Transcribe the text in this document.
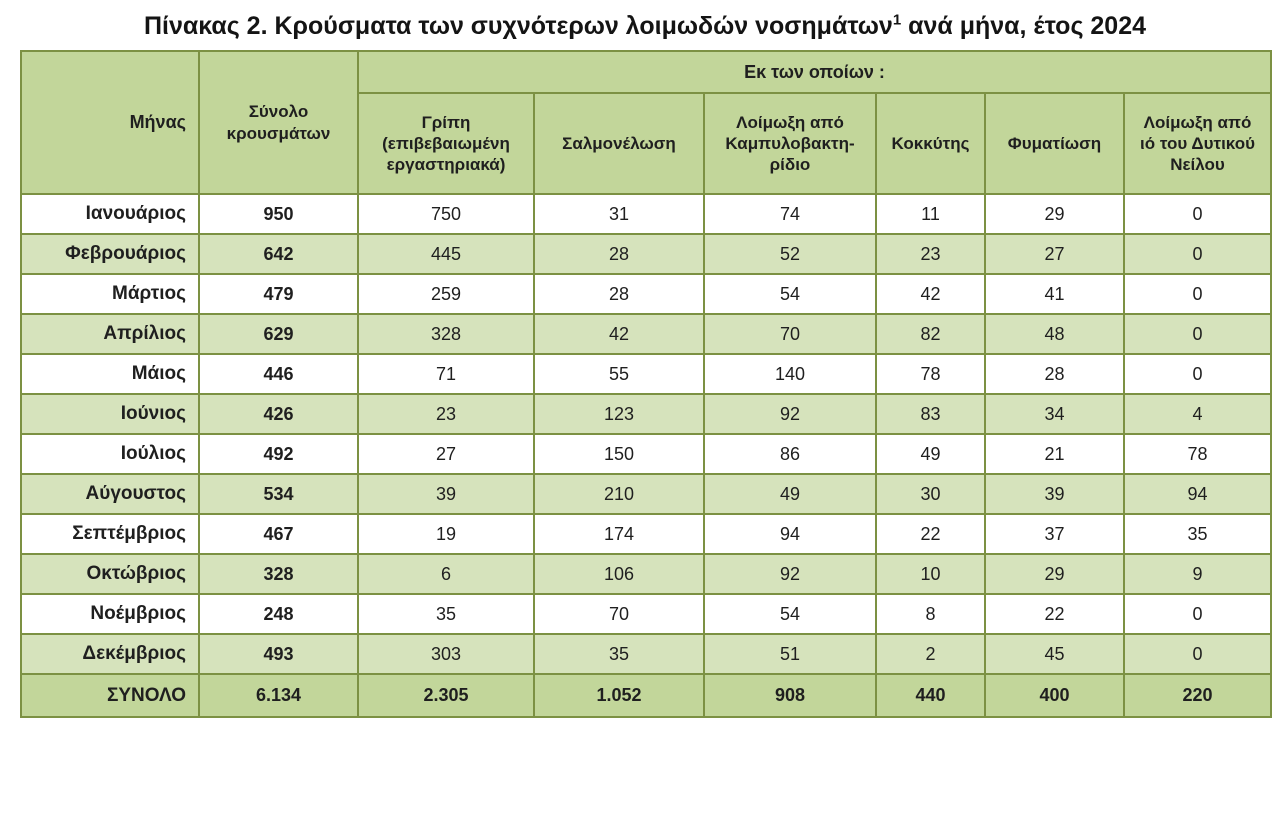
Πίνακας 2. Κρούσματα των συχνότερων λοιμωδών νοσημάτων$^1$ ανά μήνα, έτος 2024
Μήνας	Σύνολο κρουσμάτων	Εκ των οποίων :					
		Γρίπη (επιβεβαιωμένη εργαστηριακά)	Σαλμονέλωση	Λοίμωξη από Καμπυλοβακτη-ρίδιο	Κοκκύτης	Φυματίωση	Λοίμωξη από ιό του Δυτικού Νείλου
Ιανουάριος	950	750	31	74	11	29	0
Φεβρουάριος	642	445	28	52	23	27	0
Μάρτιος	479	259	28	54	42	41	0
Απρίλιος	629	328	42	70	82	48	0
Μάιος	446	71	55	140	78	28	0
Ιούνιος	426	23	123	92	83	34	4
Ιούλιος	492	27	150	86	49	21	78
Αύγουστος	534	39	210	49	30	39	94
Σεπτέμβριος	467	19	174	94	22	37	35
Οκτώβριος	328	6	106	92	10	29	9
Νοέμβριος	248	35	70	54	8	22	0
Δεκέμβριος	493	303	35	51	2	45	0
ΣΥΝΟΛΟ	6.134	2.305	1.052	908	440	400	220
